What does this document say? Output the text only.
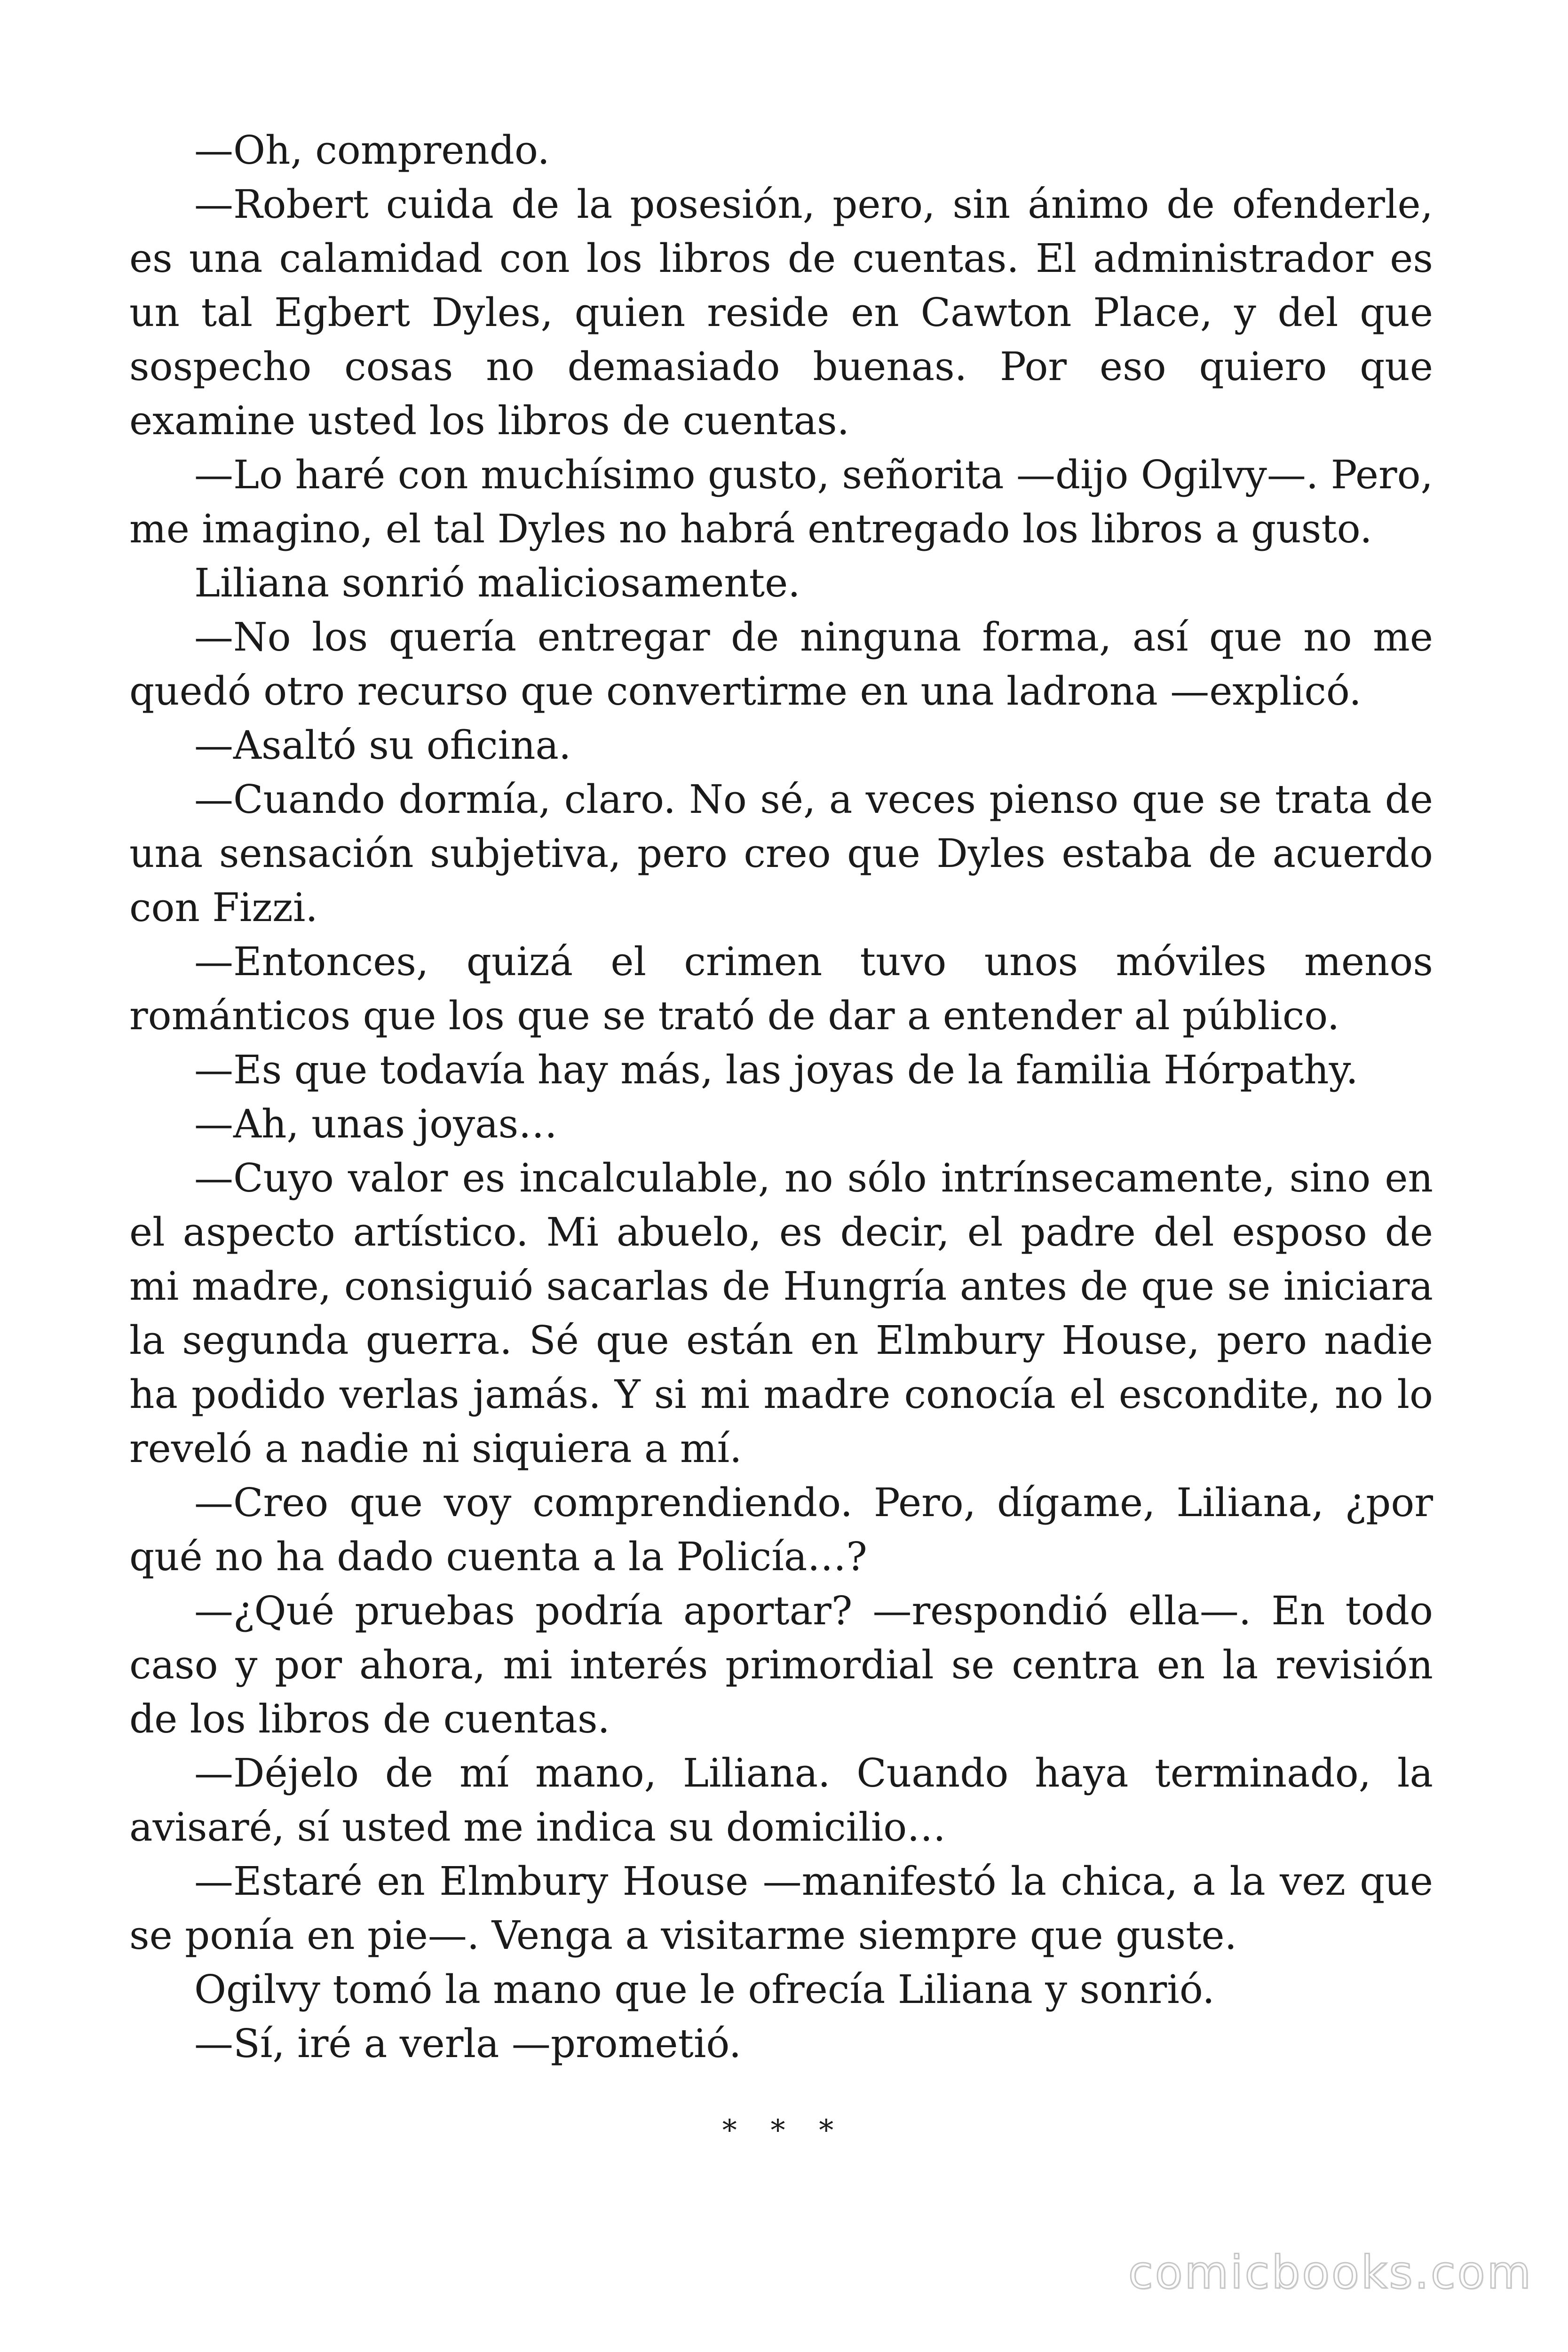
—Oh, comprendo.

—Robert cuida de la posesión, pero, sin ánimo de ofenderle, es una calamidad con los libros de cuentas. El administrador es un tal Egbert Dyles, quien reside en Cawton Place, y del que sospecho cosas no demasiado buenas. Por eso quiero que examine usted los libros de cuentas.

—Lo haré con muchísimo gusto, señorita —dijo Ogilvy—. Pero, me imagino, el tal Dyles no habrá entregado los libros a gusto.

Liliana sonrió maliciosamente.

—No los quería entregar de ninguna forma, así que no me quedó otro recurso que convertirme en una ladrona —explicó.

—Asaltó su oficina.

—Cuando dormía, claro. No sé, a veces pienso que se trata de una sensación subjetiva, pero creo que Dyles estaba de acuerdo con Fizzi.

—Entonces, quizá el crimen tuvo unos móviles menos románticos que los que se trató de dar a entender al público.

—Es que todavía hay más, las joyas de la familia Hórpathy.

—Ah, unas joyas…

—Cuyo valor es incalculable, no sólo intrínsecamente, sino en el aspecto artístico. Mi abuelo, es decir, el padre del esposo de mi madre, consiguió sacarlas de Hungría antes de que se iniciara la segunda guerra. Sé que están en Elmbury House, pero nadie ha podido verlas jamás. Y si mi madre conocía el escondite, no lo reveló a nadie ni siquiera a mí.

—Creo que voy comprendiendo. Pero, dígame, Liliana, ¿por qué no ha dado cuenta a la Policía…?

—¿Qué pruebas podría aportar? —respondió ella—. En todo caso y por ahora, mi interés primordial se centra en la revisión de los libros de cuentas.

—Déjelo de mí mano, Liliana. Cuando haya terminado, la avisaré, sí usted me indica su domicilio…

—Estaré en Elmbury House —manifestó la chica, a la vez que se ponía en pie—. Venga a visitarme siempre que guste.

Ogilvy tomó la mano que le ofrecía Liliana y sonrió.

—Sí, iré a verla —prometió.

* * *
comicbooks.com
